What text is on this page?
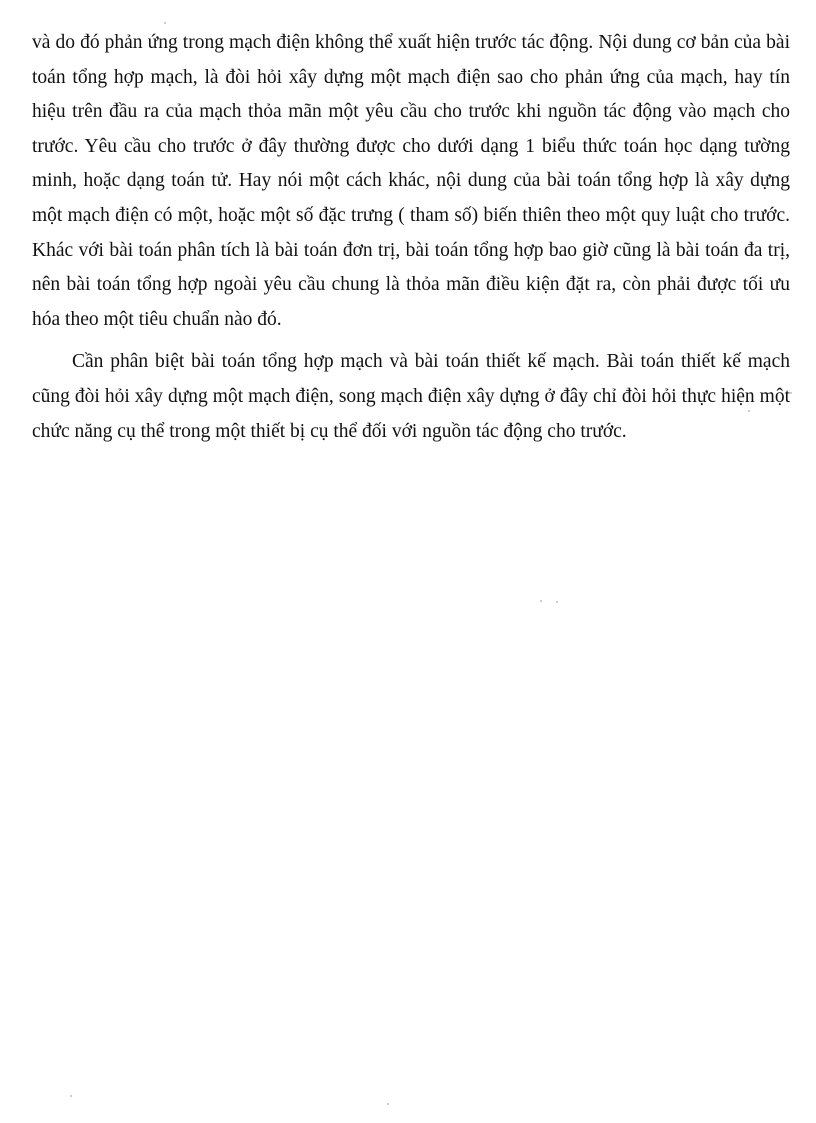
và do đó phản ứng trong mạch điện không thể xuất hiện trước tác động. Nội dung cơ bản của bài toán tổng hợp mạch, là đòi hỏi xây dựng một mạch điện sao cho phản ứng của mạch, hay tín hiệu trên đầu ra của mạch thỏa mãn một yêu cầu cho trước khi nguồn tác động vào mạch cho trước. Yêu cầu cho trước ở đây thường được cho dưới dạng 1 biểu thức toán học dạng tường minh, hoặc dạng toán tử. Hay nói một cách khác, nội dung của bài toán tổng hợp là xây dựng một mạch điện có một, hoặc một số đặc trưng ( tham số) biến thiên theo một quy luật cho trước. Khác với bài toán phân tích là bài toán đơn trị, bài toán tổng hợp bao giờ cũng là bài toán đa trị, nên bài toán tổng hợp ngoài yêu cầu chung là thỏa mãn điều kiện đặt ra, còn phải được tối ưu hóa theo một tiêu chuẩn nào đó.

Cần phân biệt bài toán tổng hợp mạch và bài toán thiết kế mạch. Bài toán thiết kế mạch cũng đòi hỏi xây dựng một mạch điện, song mạch điện xây dựng ở đây chỉ đòi hỏi thực hiện một chức năng cụ thể trong một thiết bị cụ thể đối với nguồn tác động cho trước.
